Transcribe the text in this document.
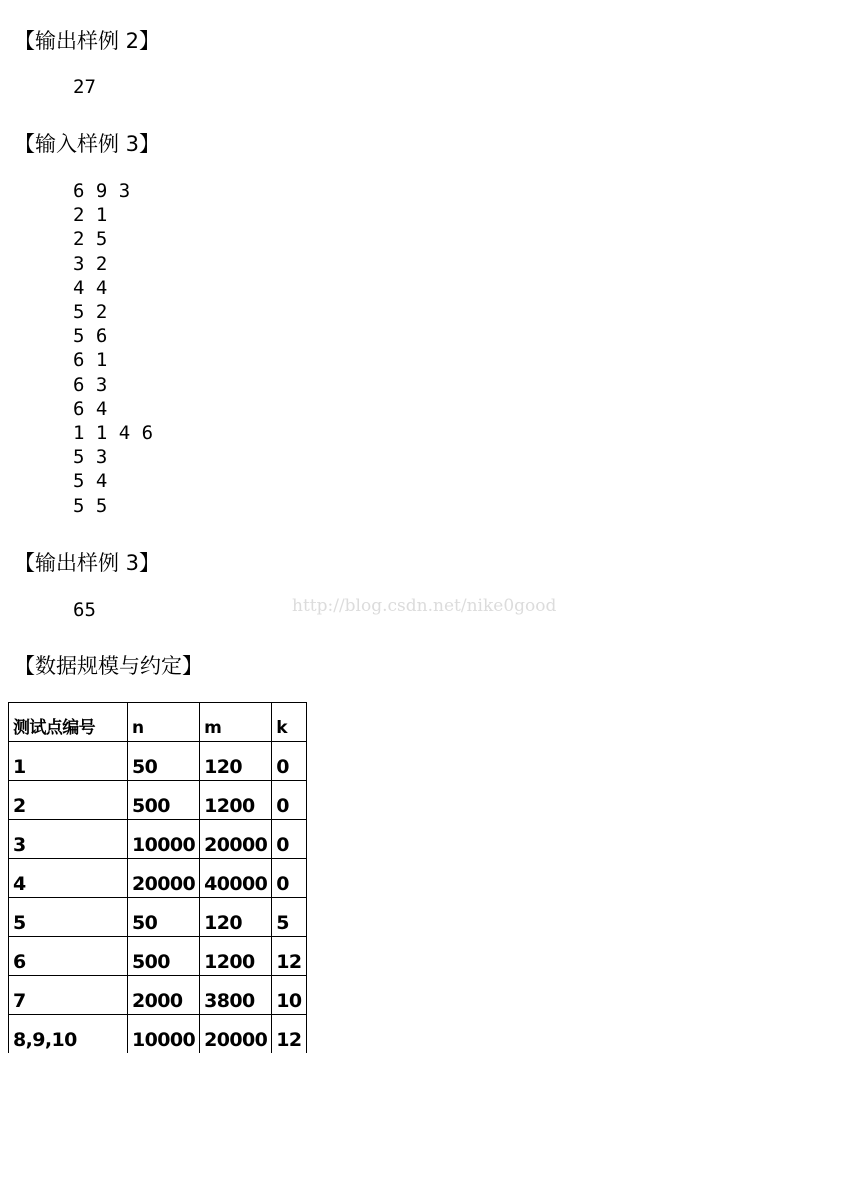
【输出样例 2】
27
【输入样例 3】
6 9 3
2 1
2 5
3 2
4 4
5 2
5 6
6 1
6 3
6 4
1 1 4 6
5 3
5 4
5 5
【输出样例 3】
65	http://blog.csdn.net/nike0good
【数据规模与约定】
测试点编号	n	m	k
1	50	120	0
2	500	1200	0
3	10000	20000	0
4	20000	40000	0
5	50	120	5
6	500	1200	12
7	2000	3800	10
8,9,10	10000	20000	12
